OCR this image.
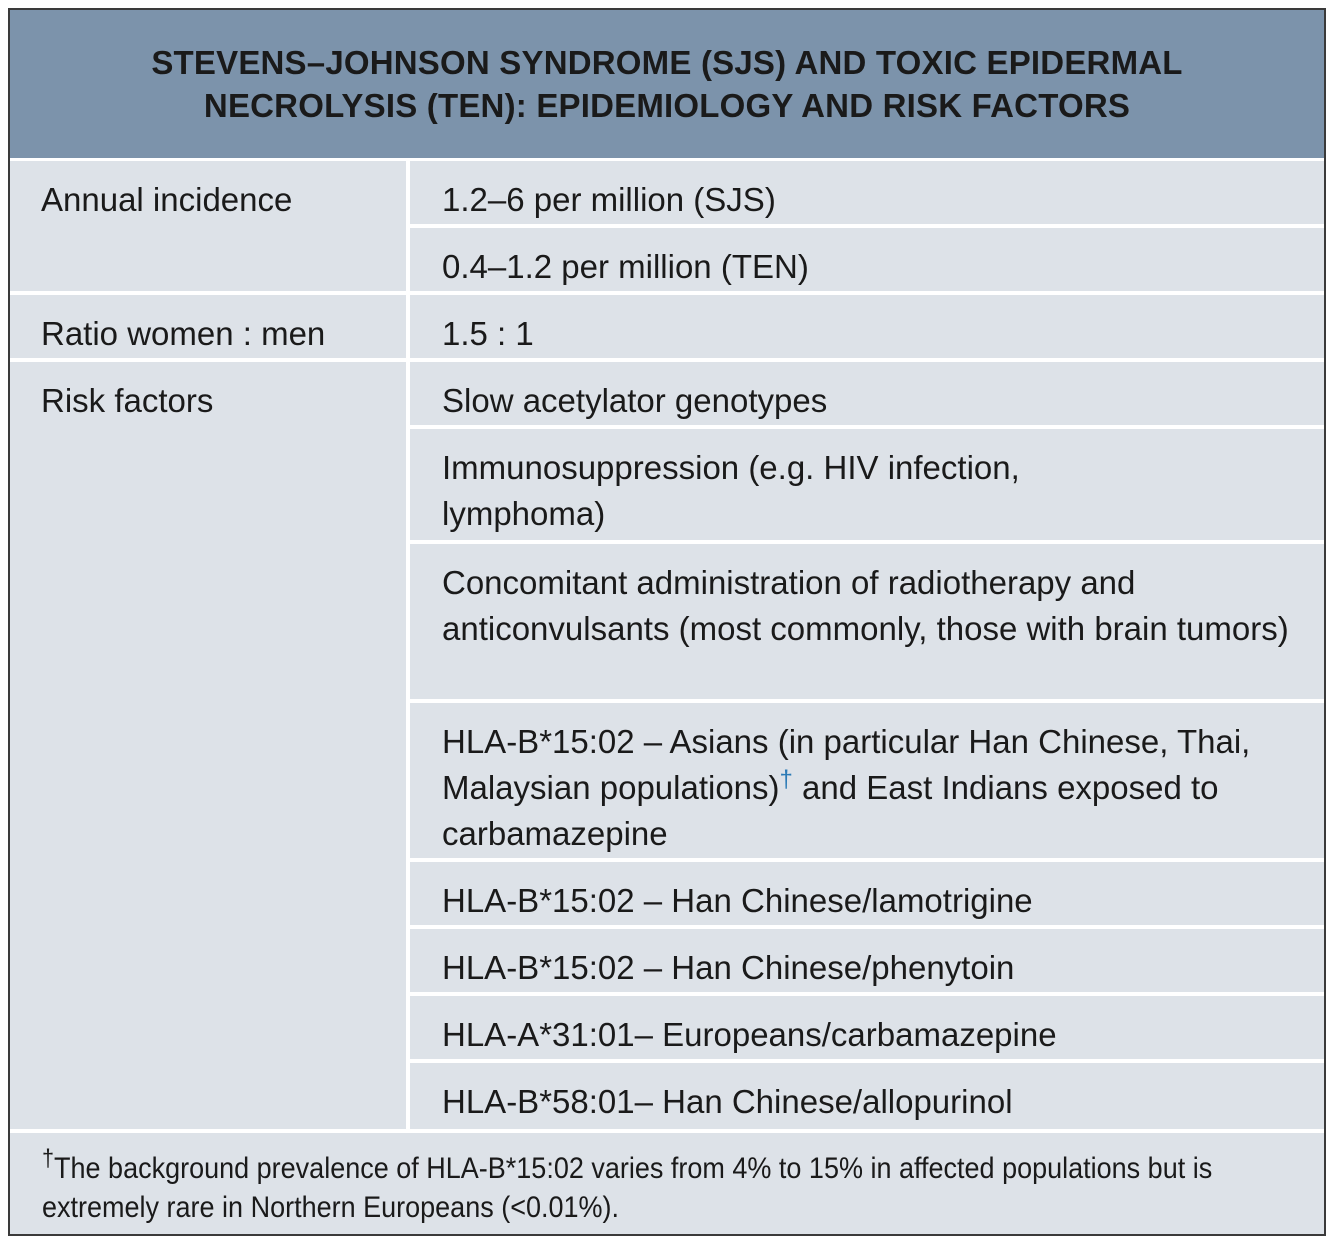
STEVENS–JOHNSON SYNDROME (SJS) AND TOXIC EPIDERMAL
NECROLYSIS (TEN): EPIDEMIOLOGY AND RISK FACTORS
Annual incidence	1.2–6 per million (SJS)
0.4–1.2 per million (TEN)
Ratio women : men	1.5 : 1
Risk factors	Slow acetylator genotypes
Immunosuppression (e.g. HIV infection, lymphoma)
Concomitant administration of radiotherapy and anticonvulsants (most commonly, those with brain tumors)
HLA-B*15:02 – Asians (in particular Han Chinese, Thai, Malaysian populations)† and East Indians exposed to carbamazepine
HLA-B*15:02 – Han Chinese/lamotrigine
HLA-B*15:02 – Han Chinese/phenytoin
HLA-A*31:01– Europeans/carbamazepine
HLA-B*58:01– Han Chinese/allopurinol
†The background prevalence of HLA-B*15:02 varies from 4% to 15% in affected populations but is extremely rare in Northern Europeans (<0.01%).
